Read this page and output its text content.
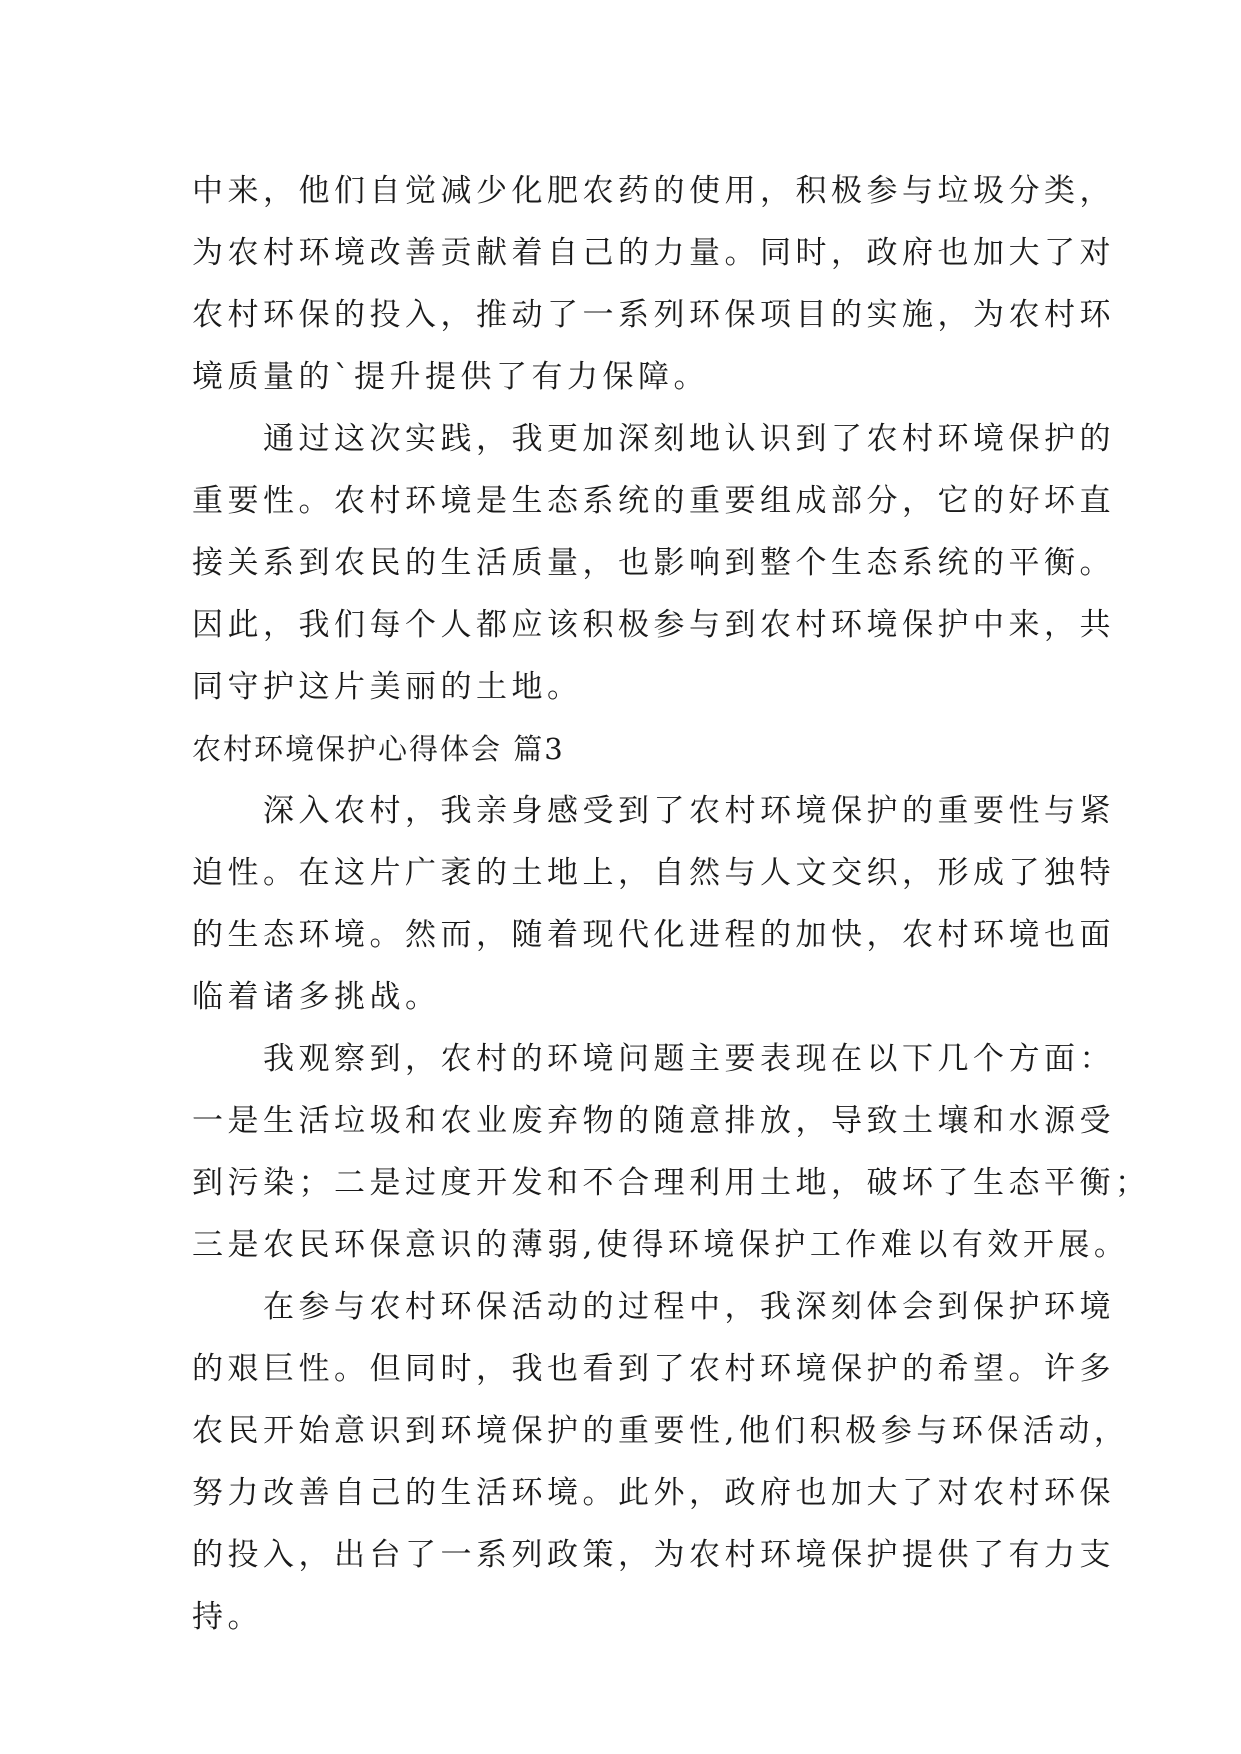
中来，他们自觉减少化肥农药的使用，积极参与垃圾分类，
为农村环境改善贡献着自己的力量。同时，政府也加大了对
农村环保的投入，推动了一系列环保项目的实施，为农村环
境质量的`提升提供了有力保障。
　　通过这次实践，我更加深刻地认识到了农村环境保护的
重要性。农村环境是生态系统的重要组成部分，它的好坏直
接关系到农民的生活质量，也影响到整个生态系统的平衡。
因此，我们每个人都应该积极参与到农村环境保护中来，共
同守护这片美丽的土地。
农村环境保护心得体会 篇3
　　深入农村，我亲身感受到了农村环境保护的重要性与紧
迫性。在这片广袤的土地上，自然与人文交织，形成了独特
的生态环境。然而，随着现代化进程的加快，农村环境也面
临着诸多挑战。
　　我观察到，农村的环境问题主要表现在以下几个方面：
一是生活垃圾和农业废弃物的随意排放，导致土壤和水源受
到污染；二是过度开发和不合理利用土地，破坏了生态平衡；
三是农民环保意识的薄弱,使得环境保护工作难以有效开展。
　　在参与农村环保活动的过程中，我深刻体会到保护环境
的艰巨性。但同时，我也看到了农村环境保护的希望。许多
农民开始意识到环境保护的重要性,他们积极参与环保活动，
努力改善自己的生活环境。此外，政府也加大了对农村环保
的投入，出台了一系列政策，为农村环境保护提供了有力支
持。
